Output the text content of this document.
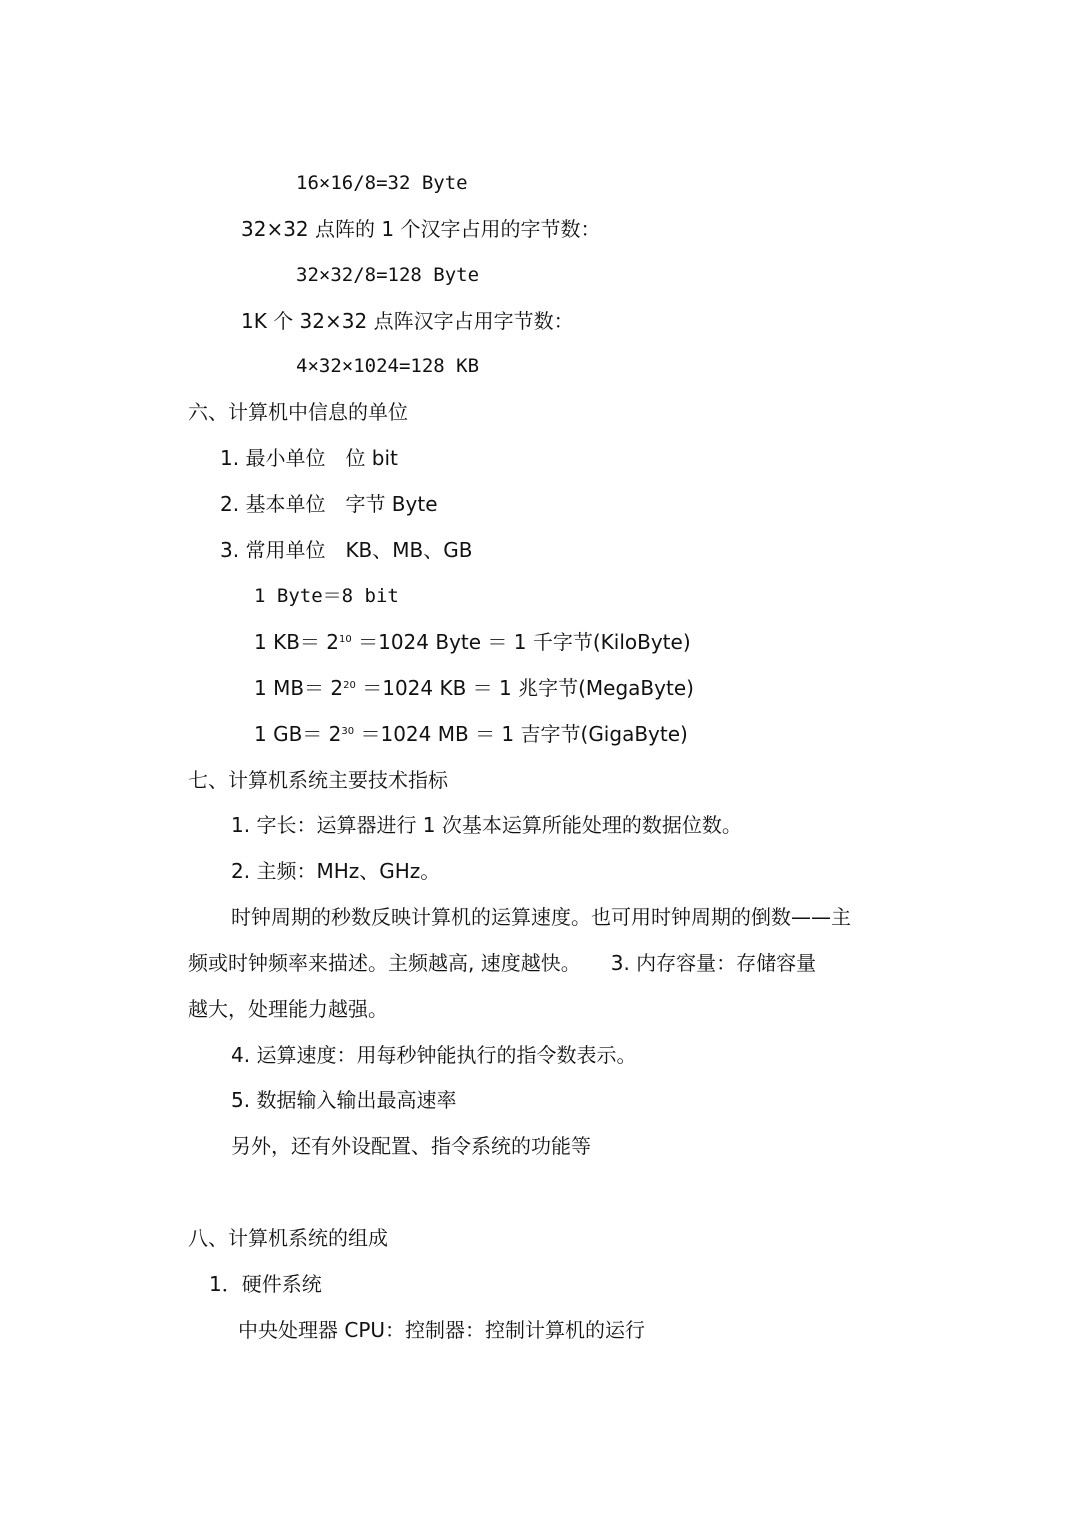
16×16/8=32 Byte
32×32 点阵的 1 个汉字占用的字节数：
32×32/8=128 Byte
1K 个 32×32 点阵汉字占用字节数：
4×32×1024=128 KB
六、计算机中信息的单位
1. 最小单位　位 bit
2. 基本单位　字节 Byte
3. 常用单位　KB、MB、GB
1 Byte＝8 bit
1 $KB= 2^{10} =1024$ Byte ＝ 1 千字节(KiloByte)
1 $MB= 2^{20} =1024$ KB ＝ 1 兆字节(MegaByte)
1 $GB= 2^{30} =1024$ MB ＝ 1 吉字节(GigaByte)
七、计算机系统主要技术指标
1. 字长：运算器进行 1 次基本运算所能处理的数据位数。
2. 主频：MHz、GHz。
时钟周期的秒数反映计算机的运算速度。也可用时钟周期的倒数——主
频或时钟频率来描述。主频越高, 速度越快。　　3. 内存容量：存储容量
越大，处理能力越强。
4. 运算速度：用每秒钟能执行的指令数表示。
5. 数据输入输出最高速率
另外，还有外设配置、指令系统的功能等
八、计算机系统的组成
1．硬件系统
中央处理器 CPU：控制器：控制计算机的运行
